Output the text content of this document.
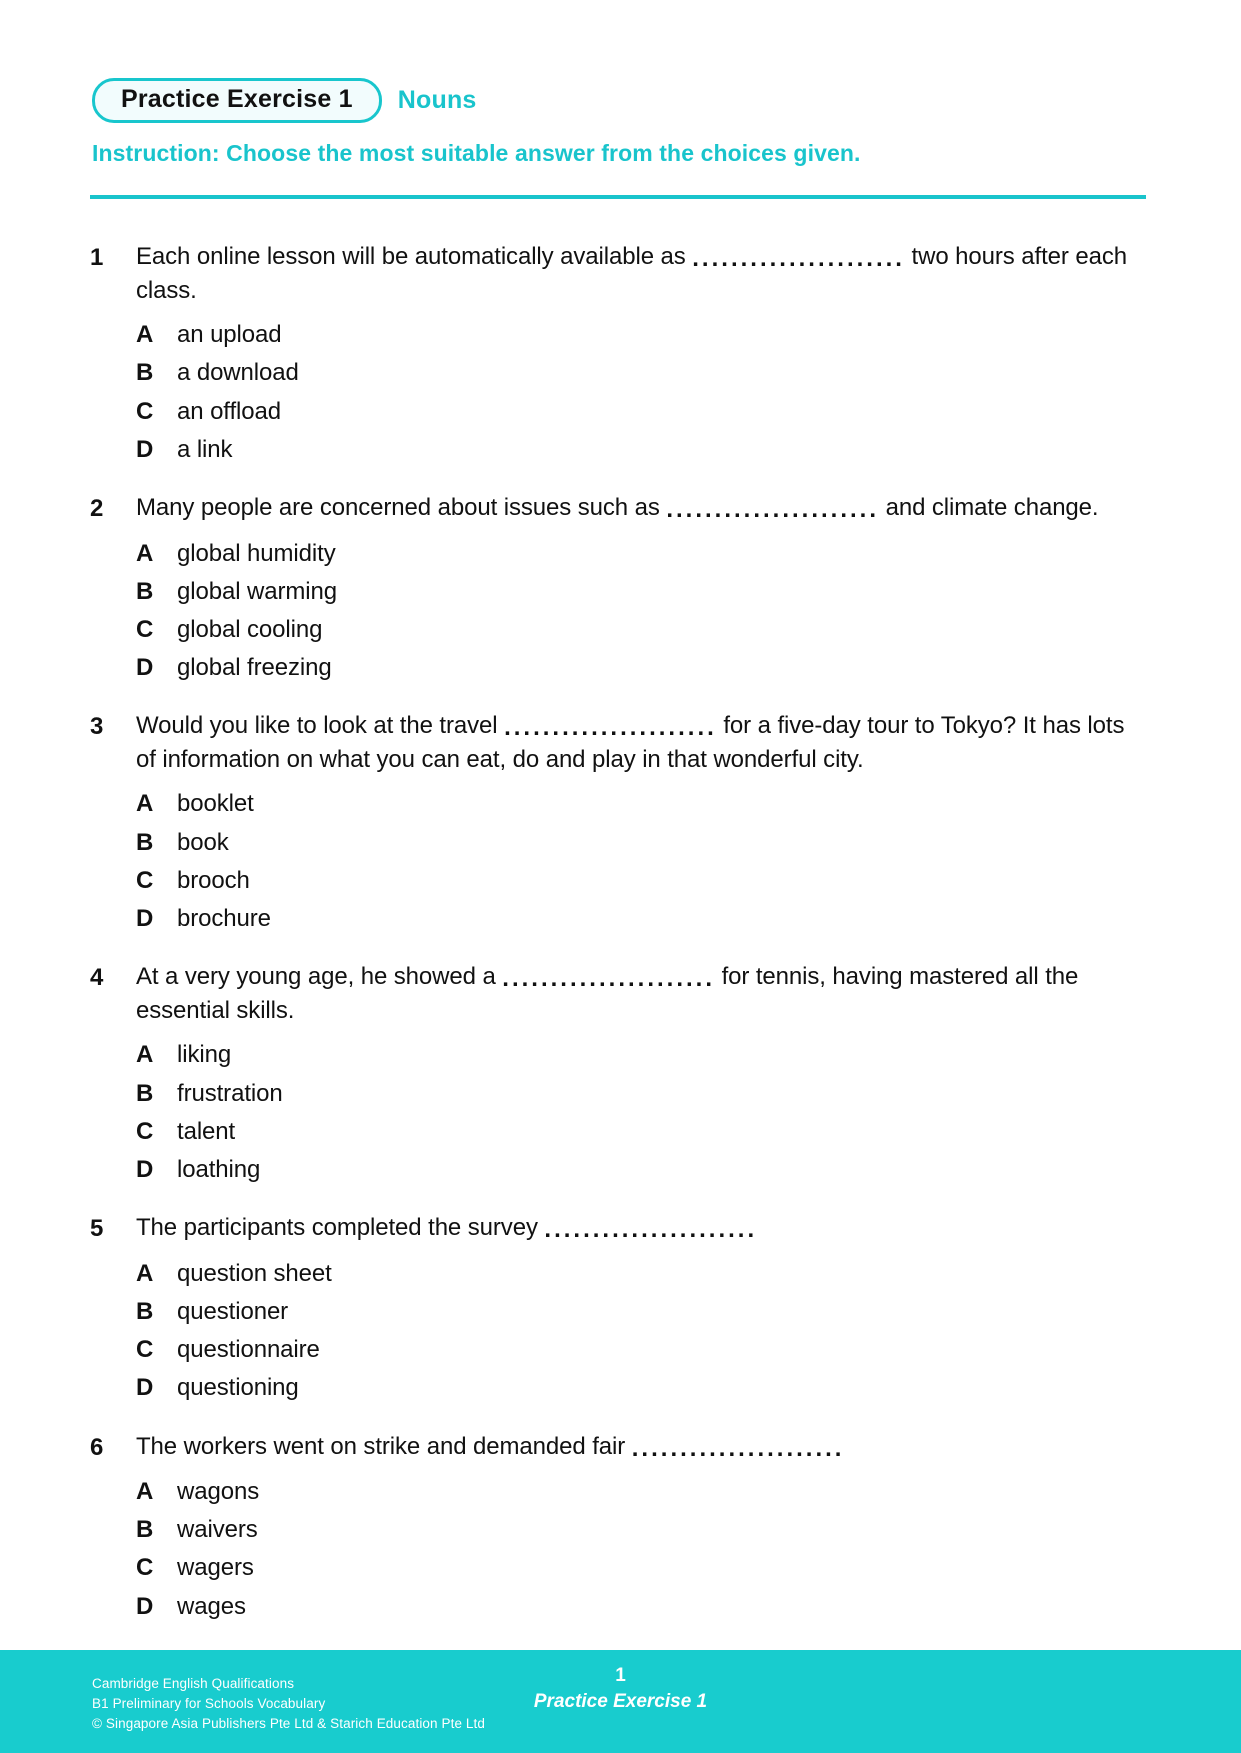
Practice Exercise 1	Nouns
Instruction: Choose the most suitable answer from the choices given.
1	Each online lesson will be automatically available as ...................... two hours after each class.
A an upload
B a download
C an offload
D a link
2	Many people are concerned about issues such as ...................... and climate change.
A global humidity
B global warming
C global cooling
D global freezing
3	Would you like to look at the travel ...................... for a five-day tour to Tokyo? It has lots of information on what you can eat, do and play in that wonderful city.
A booklet
B book
C brooch
D brochure
4	At a very young age, he showed a ...................... for tennis, having mastered all the essential skills.
A liking
B frustration
C talent
D loathing
5	The participants completed the survey ......................
A question sheet
B questioner
C questionnaire
D questioning
6	The workers went on strike and demanded fair ......................
A wagons
B waivers
C wagers
D wages
Cambridge English Qualifications
B1 Preliminary for Schools Vocabulary
© Singapore Asia Publishers Pte Ltd & Starich Education Pte Ltd
1
Practice Exercise 1
